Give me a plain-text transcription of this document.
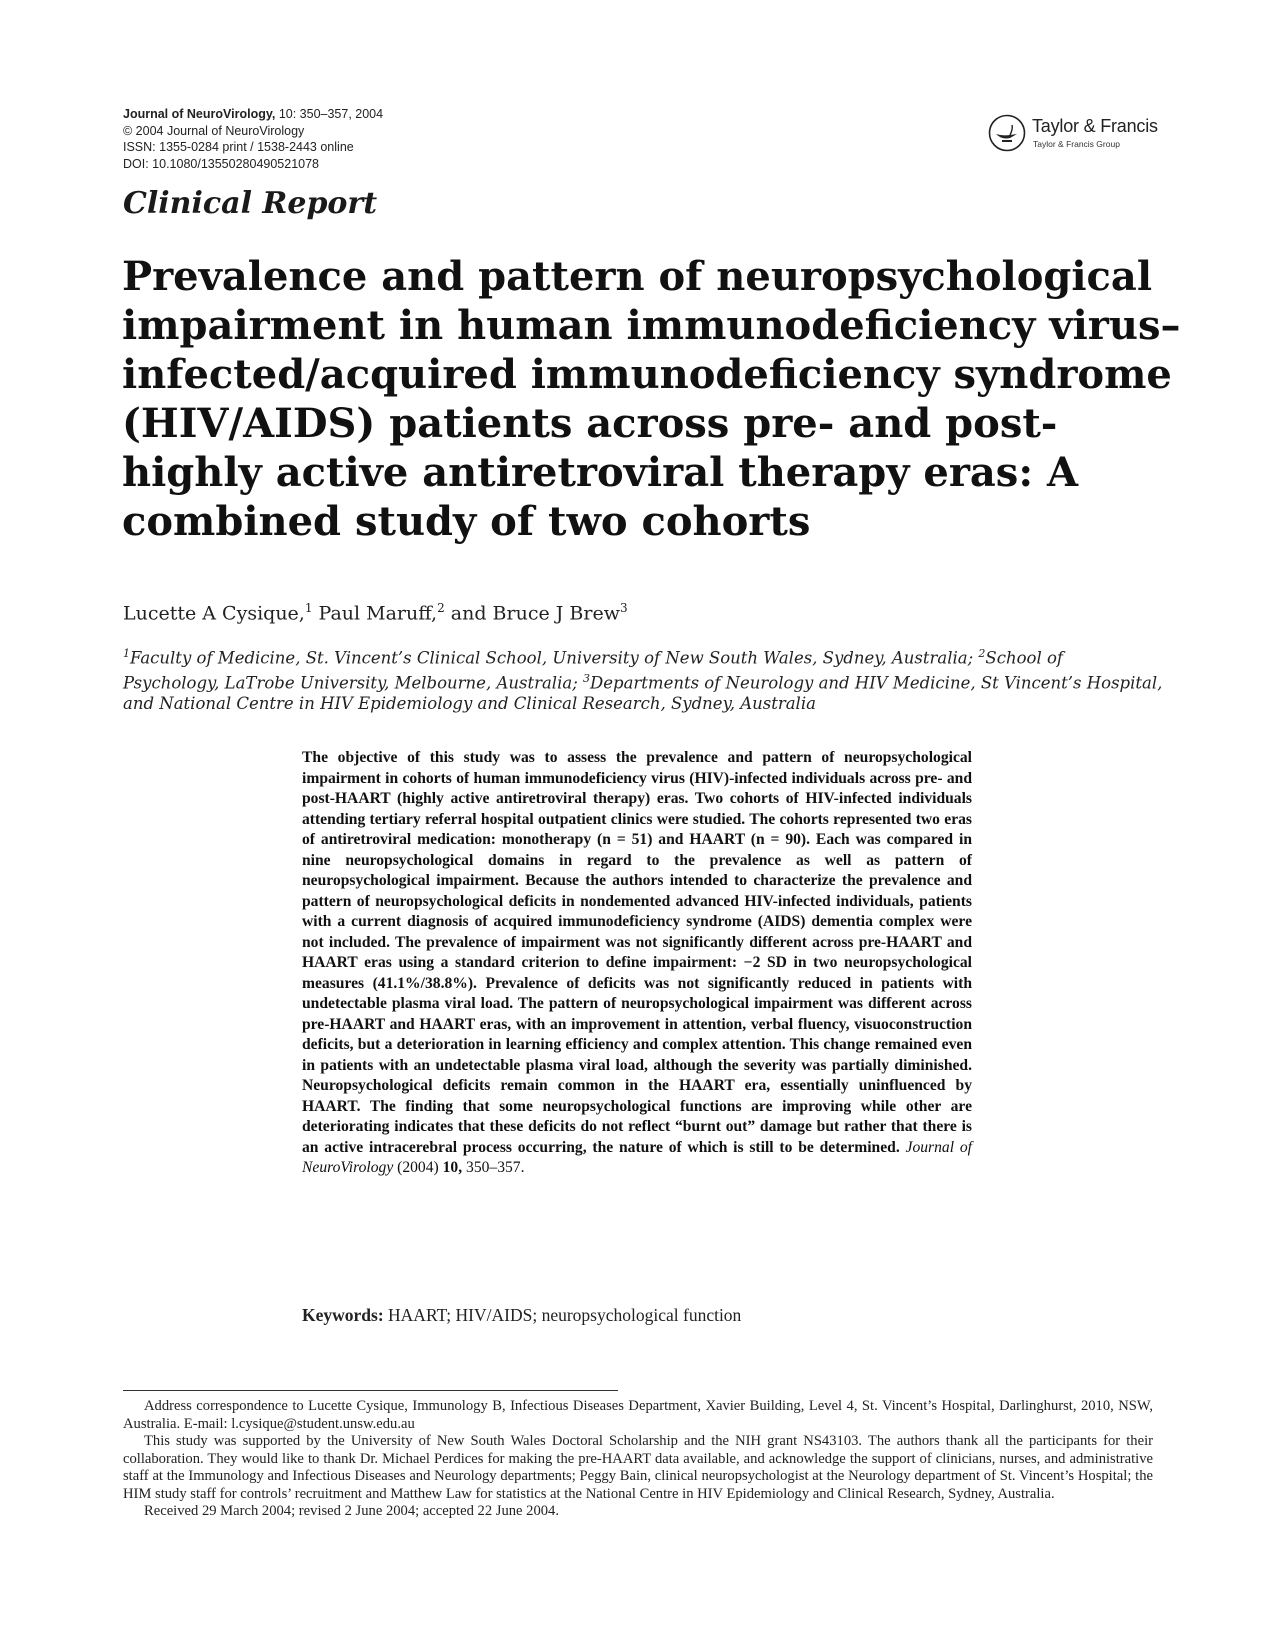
Journal of NeuroVirology, 10: 350–357, 2004
© 2004 Journal of NeuroVirology
ISSN: 1355-0284 print / 1538-2443 online
DOI: 10.1080/13550280490521078
Taylor & Francis
Taylor & Francis Group
Clinical Report
Prevalence and pattern of neuropsychological impairment in human immunodeficiency virus–infected/acquired immunodeficiency syndrome (HIV/AIDS) patients across pre- and post-highly active antiretroviral therapy eras: A combined study of two cohorts
Lucette A Cysique,$^1$ Paul Maruff,$^2$ and Bruce J Brew$^3$
$^1$Faculty of Medicine, St. Vincent’s Clinical School, University of New South Wales, Sydney, Australia; $^2$School of Psychology, LaTrobe University, Melbourne, Australia; $^3$Departments of Neurology and HIV Medicine, St Vincent’s Hospital, and National Centre in HIV Epidemiology and Clinical Research, Sydney, Australia
The objective of this study was to assess the prevalence and pattern of neuropsychological impairment in cohorts of human immunodeficiency virus (HIV)-infected individuals across pre- and post-HAART (highly active antiretroviral therapy) eras. Two cohorts of HIV-infected individuals attending tertiary referral hospital outpatient clinics were studied. The cohorts represented two eras of antiretroviral medication: monotherapy (n = 51) and HAART (n = 90). Each was compared in nine neuropsychological domains in regard to the prevalence as well as pattern of neuropsychological impairment. Because the authors intended to characterize the prevalence and pattern of neuropsychological deficits in nondemented advanced HIV-infected individuals, patients with a current diagnosis of acquired immunodeficiency syndrome (AIDS) dementia complex were not included. The prevalence of impairment was not significantly different across pre-HAART and HAART eras using a standard criterion to define impairment: −2 SD in two neuropsychological measures (41.1%/38.8%). Prevalence of deficits was not significantly reduced in patients with undetectable plasma viral load. The pattern of neuropsychological impairment was different across pre-HAART and HAART eras, with an improvement in attention, verbal fluency, visuoconstruction deficits, but a deterioration in learning efficiency and complex attention. This change remained even in patients with an undetectable plasma viral load, although the severity was partially diminished. Neuropsychological deficits remain common in the HAART era, essentially uninfluenced by HAART. The finding that some neuropsychological functions are improving while other are deteriorating indicates that these deficits do not reflect “burnt out” damage but rather that there is an active intracerebral process occurring, the nature of which is still to be determined. Journal of NeuroVirology (2004) 10, 350–357.
Keywords: HAART; HIV/AIDS; neuropsychological function

Address correspondence to Lucette Cysique, Immunology B, Infectious Diseases Department, Xavier Building, Level 4, St. Vincent’s Hospital, Darlinghurst, 2010, NSW, Australia. E-mail: l.cysique@student.unsw.edu.au

This study was supported by the University of New South Wales Doctoral Scholarship and the NIH grant NS43103. The authors thank all the participants for their collaboration. They would like to thank Dr. Michael Perdices for making the pre-HAART data available, and acknowledge the support of clinicians, nurses, and administrative staff at the Immunology and Infectious Diseases and Neurology departments; Peggy Bain, clinical neuropsychologist at the Neurology department of St. Vincent’s Hospital; the HIM study staff for controls’ recruitment and Matthew Law for statistics at the National Centre in HIV Epidemiology and Clinical Research, Sydney, Australia.

Received 29 March 2004; revised 2 June 2004; accepted 22 June 2004.
